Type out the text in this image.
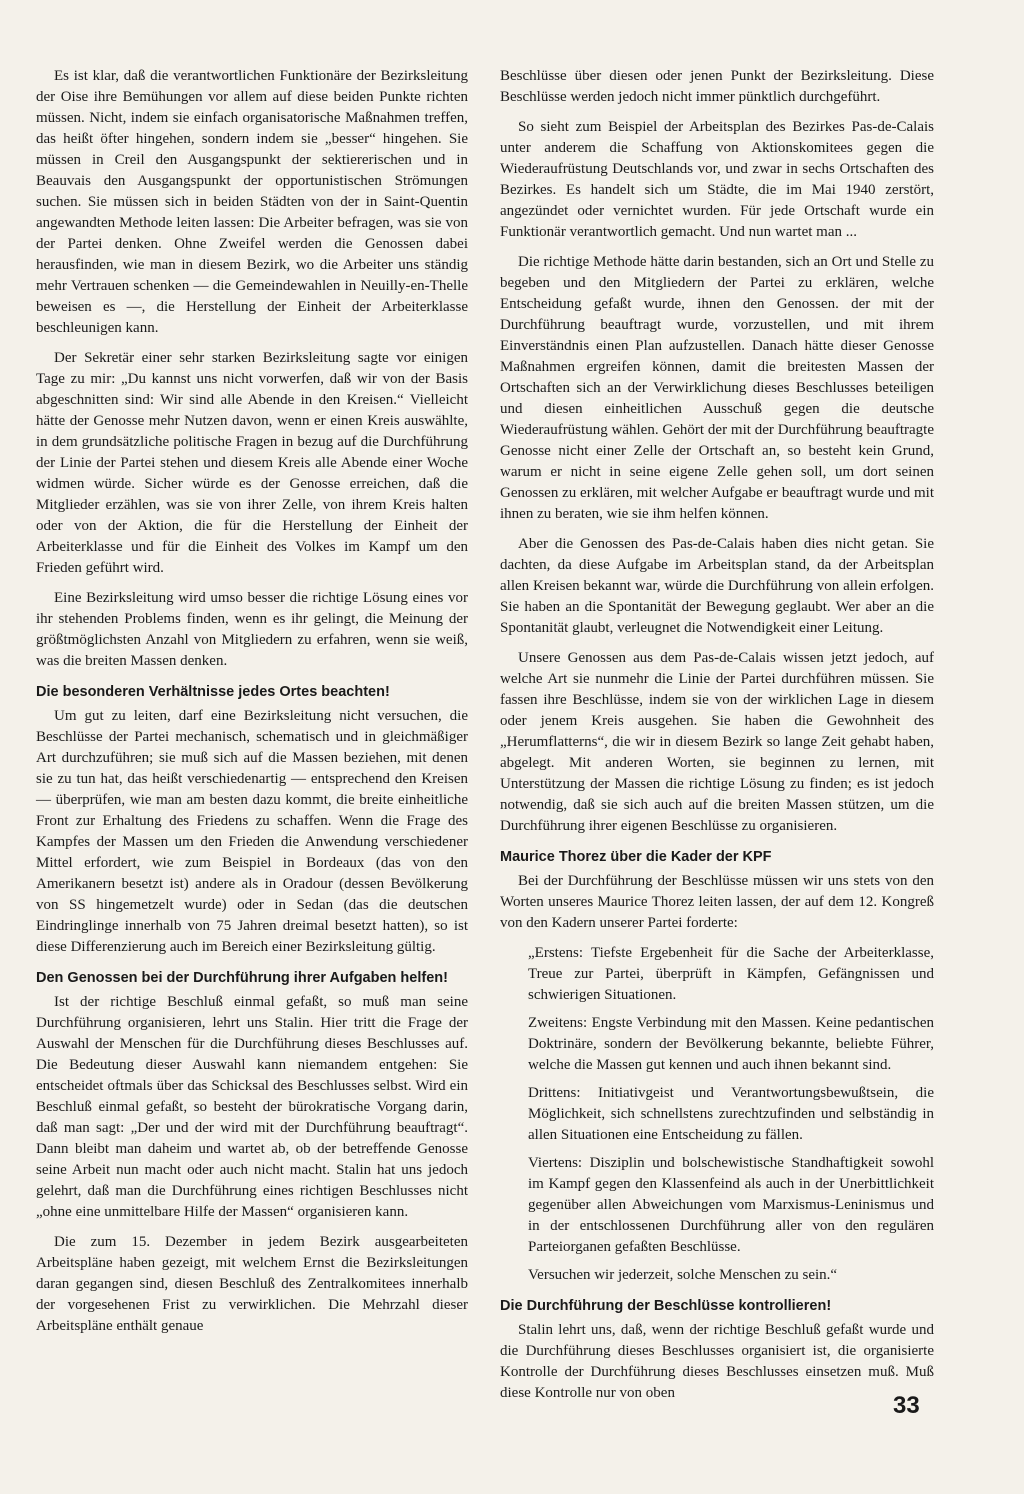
Es ist klar, daß die verantwortlichen Funktionäre der Bezirksleitung der Oise ihre Bemühungen vor allem auf diese beiden Punkte richten müssen. Nicht, indem sie einfach organisatorische Maßnahmen treffen, das heißt öfter hingehen, sondern indem sie „besser“ hingehen. Sie müssen in Creil den Ausgangspunkt der sektiererischen und in Beauvais den Ausgangspunkt der opportunistischen Strömungen suchen. Sie müssen sich in beiden Städten von der in Saint-Quentin angewandten Methode leiten lassen: Die Arbeiter befragen, was sie von der Partei denken. Ohne Zweifel werden die Genossen dabei herausfinden, wie man in diesem Bezirk, wo die Arbeiter uns ständig mehr Vertrauen schenken — die Gemeindewahlen in Neuilly-en-Thelle beweisen es —, die Herstellung der Einheit der Arbeiterklasse beschleunigen kann.

Der Sekretär einer sehr starken Bezirksleitung sagte vor einigen Tage zu mir: „Du kannst uns nicht vorwerfen, daß wir von der Basis abgeschnitten sind: Wir sind alle Abende in den Kreisen.“ Vielleicht hätte der Genosse mehr Nutzen davon, wenn er einen Kreis auswählte, in dem grundsätzliche politische Fragen in bezug auf die Durchführung der Linie der Partei stehen und diesem Kreis alle Abende einer Woche widmen würde. Sicher würde es der Genosse erreichen, daß die Mitglieder erzählen, was sie von ihrer Zelle, von ihrem Kreis halten oder von der Aktion, die für die Herstellung der Einheit der Arbeiterklasse und für die Einheit des Volkes im Kampf um den Frieden geführt wird.

Eine Bezirksleitung wird umso besser die richtige Lösung eines vor ihr stehenden Problems finden, wenn es ihr gelingt, die Meinung der größtmöglichsten Anzahl von Mitgliedern zu erfahren, wenn sie weiß, was die breiten Massen denken.

Die besonderen Verhältnisse jedes Ortes beachten!

Um gut zu leiten, darf eine Bezirksleitung nicht versuchen, die Beschlüsse der Partei mechanisch, schematisch und in gleichmäßiger Art durchzuführen; sie muß sich auf die Massen beziehen, mit denen sie zu tun hat, das heißt verschiedenartig — entsprechend den Kreisen — überprüfen, wie man am besten dazu kommt, die breite einheitliche Front zur Erhaltung des Friedens zu schaffen. Wenn die Frage des Kampfes der Massen um den Frieden die Anwendung verschiedener Mittel erfordert, wie zum Beispiel in Bordeaux (das von den Amerikanern besetzt ist) andere als in Oradour (dessen Bevölkerung von SS hingemetzelt wurde) oder in Sedan (das die deutschen Eindringlinge innerhalb von 75 Jahren dreimal besetzt hatten), so ist diese Differenzierung auch im Bereich einer Bezirksleitung gültig.

Den Genossen bei der Durchführung ihrer Aufgaben helfen!

Ist der richtige Beschluß einmal gefaßt, so muß man seine Durchführung organisieren, lehrt uns Stalin. Hier tritt die Frage der Auswahl der Menschen für die Durchführung dieses Beschlusses auf. Die Bedeutung dieser Auswahl kann niemandem entgehen: Sie entscheidet oftmals über das Schicksal des Beschlusses selbst. Wird ein Beschluß einmal gefaßt, so besteht der bürokratische Vorgang darin, daß man sagt: „Der und der wird mit der Durchführung beauftragt“. Dann bleibt man daheim und wartet ab, ob der betreffende Genosse seine Arbeit nun macht oder auch nicht macht. Stalin hat uns jedoch gelehrt, daß man die Durchführung eines richtigen Beschlusses nicht „ohne eine unmittelbare Hilfe der Massen“ organisieren kann.

Die zum 15. Dezember in jedem Bezirk ausgearbeiteten Arbeitspläne haben gezeigt, mit welchem Ernst die Bezirksleitungen daran gegangen sind, diesen Beschluß des Zentralkomitees innerhalb der vorgesehenen Frist zu verwirklichen. Die Mehrzahl dieser Arbeitspläne enthält genaue

Beschlüsse über diesen oder jenen Punkt der Bezirksleitung. Diese Beschlüsse werden jedoch nicht immer pünktlich durchgeführt.

So sieht zum Beispiel der Arbeitsplan des Bezirkes Pas-de-Calais unter anderem die Schaffung von Aktionskomitees gegen die Wiederaufrüstung Deutschlands vor, und zwar in sechs Ortschaften des Bezirkes. Es handelt sich um Städte, die im Mai 1940 zerstört, angezündet oder vernichtet wurden. Für jede Ortschaft wurde ein Funktionär verantwortlich gemacht. Und nun wartet man ...

Die richtige Methode hätte darin bestanden, sich an Ort und Stelle zu begeben und den Mitgliedern der Partei zu erklären, welche Entscheidung gefaßt wurde, ihnen den Genossen. der mit der Durchführung beauftragt wurde, vorzustellen, und mit ihrem Einverständnis einen Plan aufzustellen. Danach hätte dieser Genosse Maßnahmen ergreifen können, damit die breitesten Massen der Ortschaften sich an der Verwirklichung dieses Beschlusses beteiligen und diesen einheitlichen Ausschuß gegen die deutsche Wiederaufrüstung wählen. Gehört der mit der Durchführung beauftragte Genosse nicht einer Zelle der Ortschaft an, so besteht kein Grund, warum er nicht in seine eigene Zelle gehen soll, um dort seinen Genossen zu erklären, mit welcher Aufgabe er beauftragt wurde und mit ihnen zu beraten, wie sie ihm helfen können.

Aber die Genossen des Pas-de-Calais haben dies nicht getan. Sie dachten, da diese Aufgabe im Arbeitsplan stand, da der Arbeitsplan allen Kreisen bekannt war, würde die Durchführung von allein erfolgen. Sie haben an die Spontanität der Bewegung geglaubt. Wer aber an die Spontanität glaubt, verleugnet die Notwendigkeit einer Leitung.

Unsere Genossen aus dem Pas-de-Calais wissen jetzt jedoch, auf welche Art sie nunmehr die Linie der Partei durchführen müssen. Sie fassen ihre Beschlüsse, indem sie von der wirklichen Lage in diesem oder jenem Kreis ausgehen. Sie haben die Gewohnheit des „Herumflatterns“, die wir in diesem Bezirk so lange Zeit gehabt haben, abgelegt. Mit anderen Worten, sie beginnen zu lernen, mit Unterstützung der Massen die richtige Lösung zu finden; es ist jedoch notwendig, daß sie sich auch auf die breiten Massen stützen, um die Durchführung ihrer eigenen Beschlüsse zu organisieren.

Maurice Thorez über die Kader der KPF

Bei der Durchführung der Beschlüsse müssen wir uns stets von den Worten unseres Maurice Thorez leiten lassen, der auf dem 12. Kongreß von den Kadern unserer Partei forderte:

„Erstens: Tiefste Ergebenheit für die Sache der Arbeiterklasse, Treue zur Partei, überprüft in Kämpfen, Gefängnissen und schwierigen Situationen.

Zweitens: Engste Verbindung mit den Massen. Keine pedantischen Doktrinäre, sondern der Bevölkerung bekannte, beliebte Führer, welche die Massen gut kennen und auch ihnen bekannt sind.

Drittens: Initiativgeist und Verantwortungsbewußtsein, die Möglichkeit, sich schnellstens zurechtzufinden und selbständig in allen Situationen eine Entscheidung zu fällen.

Viertens: Disziplin und bolschewistische Standhaftigkeit sowohl im Kampf gegen den Klassenfeind als auch in der Unerbittlichkeit gegenüber allen Abweichungen vom Marxismus-Leninismus und in der entschlossenen Durchführung aller von den regulären Parteiorganen gefaßten Beschlüsse.

Versuchen wir jederzeit, solche Menschen zu sein.“

Die Durchführung der Beschlüsse kontrollieren!

Stalin lehrt uns, daß, wenn der richtige Beschluß gefaßt wurde und die Durchführung dieses Beschlusses organisiert ist, die organisierte Kontrolle der Durchführung dieses Beschlusses einsetzen muß. Muß diese Kontrolle nur von oben	33
